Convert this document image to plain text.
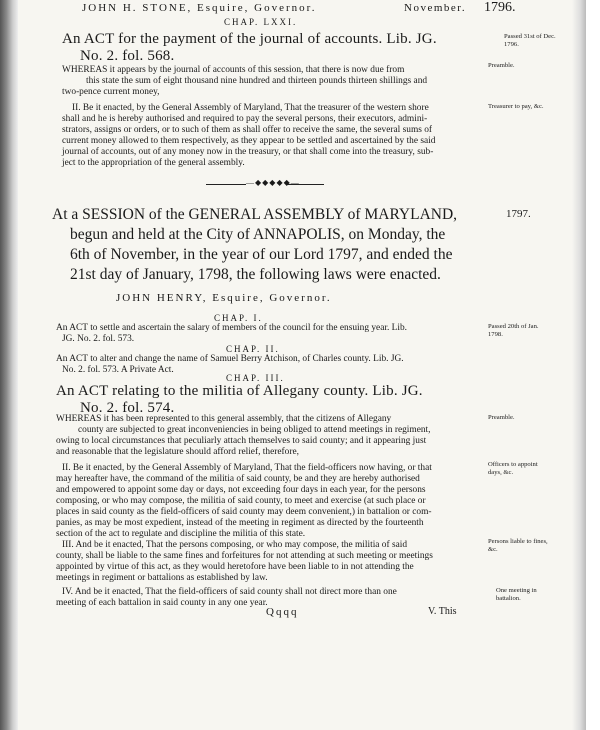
JOHN H. STONE, Esquire, Governor.	November. 1796.
CHAP. LXXI.
An ACT for the payment of the journal of accounts. Lib. JG.
No. 2. fol. 568.
Passed 31st of Dec. 1796.
Preamble.
WHEREAS it appears by the journal of accounts of this session, that there is now due from
this state the sum of eight thousand nine hundred and thirteen pounds thirteen shillings and
two-pence current money,
Treasurer to pay, &c.
II. Be it enacted, by the General Assembly of Maryland, That the treasurer of the western shore
shall and he is hereby authorised and required to pay the several persons, their executors, admini-
strators, assigns or orders, or to such of them as shall offer to receive the same, the several sums of
current money allowed to them respectively, as they appear to be settled and ascertained by the said
journal of accounts, out of any money now in the treasury, or that shall come into the treasury, sub-
ject to the appropriation of the general assembly.
—◆◆◆◆◆—
1797.
At a SESSION of the GENERAL ASSEMBLY of MARYLAND,
begun and held at the City of ANNAPOLIS, on Monday, the
6th of November, in the year of our Lord 1797, and ended the
21st day of January, 1798, the following laws were enacted.
JOHN HENRY, Esquire, Governor.
CHAP. I.
An ACT to settle and ascertain the salary of members of the council for the ensuing year. Lib.
JG. No. 2. fol. 573.
Passed 20th of Jan. 1798.
CHAP. II.
An ACT to alter and change the name of Samuel Berry Atchison, of Charles county. Lib. JG.
No. 2. fol. 573. A Private Act.
CHAP. III.
An ACT relating to the militia of Allegany county. Lib. JG.
No. 2. fol. 574.
Preamble.
WHEREAS it has been represented to this general assembly, that the citizens of Allegany
county are subjected to great inconveniencies in being obliged to attend meetings in regiment,
owing to local circumstances that peculiarly attach themselves to said county; and it appearing just
and reasonable that the legislature should afford relief, therefore,
Officers to appoint days, &c.
II. Be it enacted, by the General Assembly of Maryland, That the field-officers now having, or that
may hereafter have, the command of the militia of said county, be and they are hereby authorised
and empowered to appoint some day or days, not exceeding four days in each year, for the persons
composing, or who may compose, the militia of said county, to meet and exercise (at such place or
places in said county as the field-officers of said county may deem convenient,) in battalion or com-
panies, as may be most expedient, instead of the meeting in regiment as directed by the fourteenth
section of the act to regulate and discipline the militia of this state.
Persons liable to fines, &c.
III. And be it enacted, That the persons composing, or who may compose, the militia of said
county, shall be liable to the same fines and forfeitures for not attending at such meeting or meetings
appointed by virtue of this act, as they would heretofore have been liable to in not attending the
meetings in regiment or battalions as established by law.
One meeting in battalion.
IV. And be it enacted, That the field-officers of said county shall not direct more than one
meeting of each battalion in said county in any one year.
Qqqq	V. This
